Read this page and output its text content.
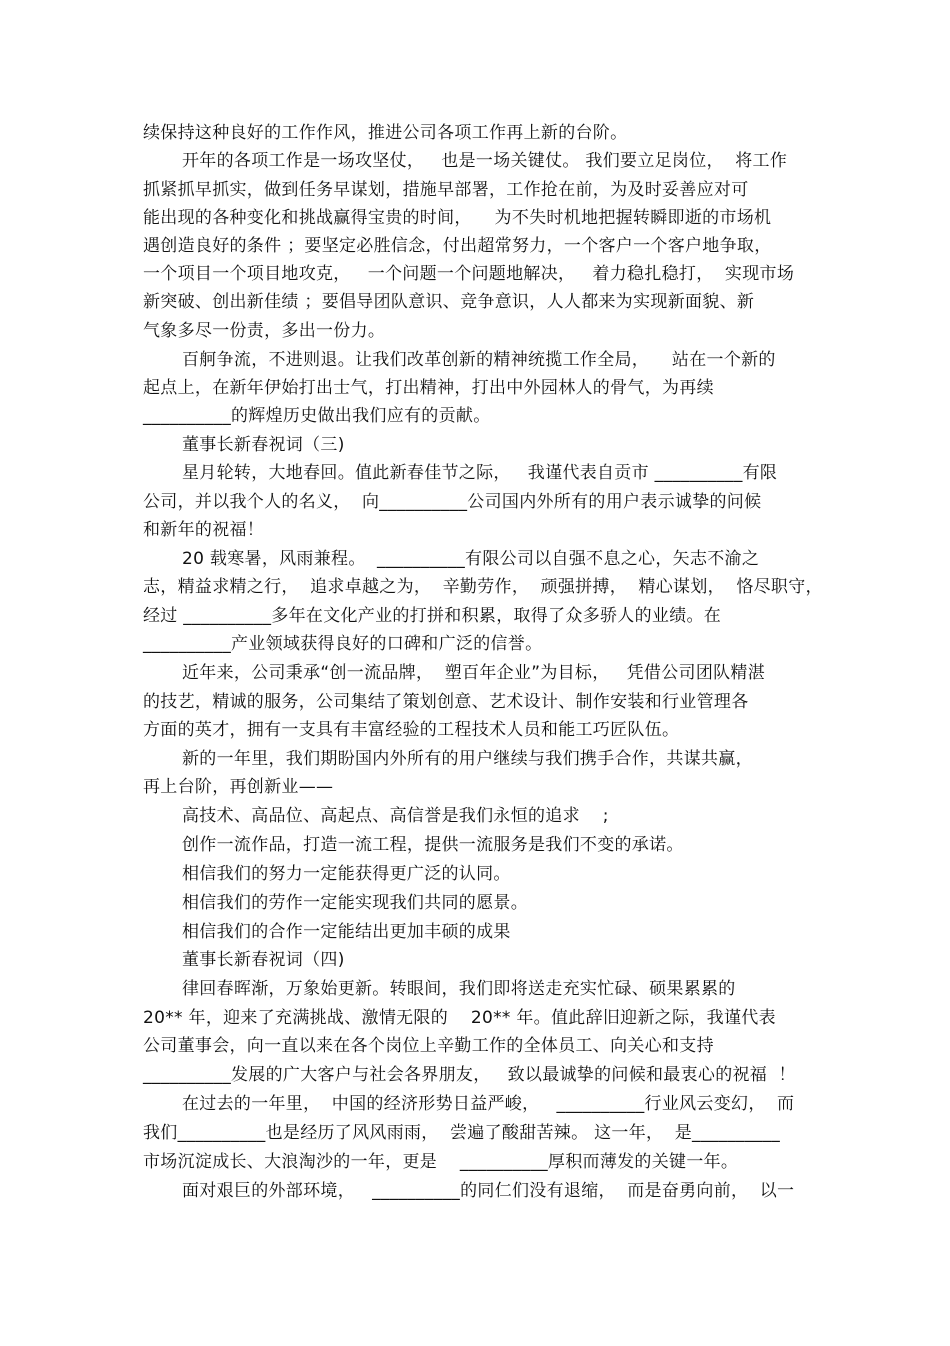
续保持这种良好的工作作风，推进公司各项工作再上新的台阶。
开年的各项工作是一场攻坚仗，   也是一场关键仗。 我们要立足岗位，  将工作
抓紧抓早抓实，做到任务早谋划，措施早部署，工作抢在前，为及时妥善应对可
能出现的各种变化和挑战赢得宝贵的时间，    为不失时机地把握转瞬即逝的市场机
遇创造良好的条件 ；要坚定必胜信念，付出超常努力，一个客户一个客户地争取，
一个项目一个项目地攻克，   一个问题一个问题地解决，   着力稳扎稳打，  实现市场
新突破、创出新佳绩 ；要倡导团队意识、竞争意识，人人都来为实现新面貌、新
气象多尽一份责，多出一份力。
百舸争流，不进则退。让我们改革创新的精神统揽工作全局，    站在一个新的
起点上，在新年伊始打出士气，打出精神，打出中外园林人的骨气，为再续
__________的辉煌历史做出我们应有的贡献。
董事长新春祝词（三)
星月轮转，大地春回。值此新春佳节之际，   我谨代表自贡市 __________有限
公司，并以我个人的名义，  向__________公司国内外所有的用户表示诚挚的问候
和新年的祝福！
20 载寒暑，风雨兼程。  __________有限公司以自强不息之心，矢志不渝之
志，精益求精之行，  追求卓越之为，  辛勤劳作，  顽强拼搏，  精心谋划，  恪尽职守，
经过 __________多年在文化产业的打拼和积累，取得了众多骄人的业绩。在
__________产业领域获得良好的口碑和广泛的信誉。
近年来，公司秉承“创一流品牌，  塑百年企业”为目标，   凭借公司团队精湛
的技艺，精诚的服务，公司集结了策划创意、艺术设计、制作安装和行业管理各
方面的英才，拥有一支具有丰富经验的工程技术人员和能工巧匠队伍。
新的一年里，我们期盼国内外所有的用户继续与我们携手合作，共谋共赢，
再上台阶，再创新业——
高技术、高品位、高起点、高信誉是我们永恒的追求    ;
创作一流作品，打造一流工程，提供一流服务是我们不变的承诺。
相信我们的努力一定能获得更广泛的认同。
相信我们的劳作一定能实现我们共同的愿景。
相信我们的合作一定能结出更加丰硕的成果
董事长新春祝词（四)
律回春晖渐，万象始更新。转眼间，我们即将送走充实忙碌、硕果累累的
20** 年，迎来了充满挑战、激情无限的    20** 年。值此辞旧迎新之际，我谨代表
公司董事会，向一直以来在各个岗位上辛勤工作的全体员工、向关心和支持
__________发展的广大客户与社会各界朋友，   致以最诚挚的问候和最衷心的祝福  ！
在过去的一年里，  中国的经济形势日益严峻，   __________行业风云变幻，  而
我们__________也是经历了风风雨雨，  尝遍了酸甜苦辣。 这一年，  是__________
市场沉淀成长、大浪淘沙的一年，更是    __________厚积而薄发的关键一年。
面对艰巨的外部环境，   __________的同仁们没有退缩，  而是奋勇向前，  以一
